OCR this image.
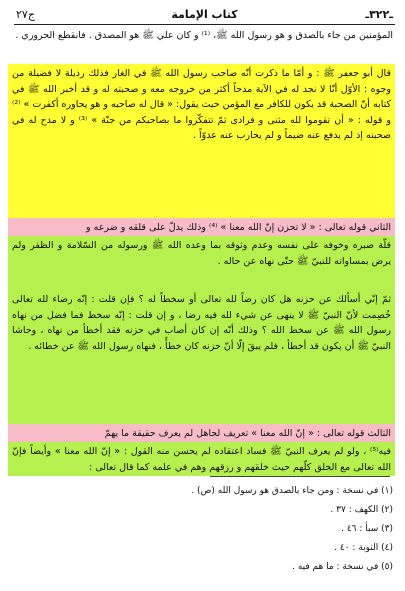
ـ٣٢٢ـ
كتاب الإمامة
ج٢٧
المؤمنين من جاء بالصدق و هو رسول الله ﷺ، ⁽¹⁾ و كان علي ﷺ هو المصدق . فانقطع الحروري .
قال أبو جعفر ﷺ : و أمّا ما ذكرت أنّه صاحب رسول الله ﷺ في الغار فذلك رذيلة لا فضيلة من وجوه : الأوّل أنّا لا نجد له في الآية مدحاً أكثر من خروجه معه و صحبته له و قد أخبر الله ﷺ في كتابه أنّ الصحبة قد يكون للكافر مع المؤمن حيث يقول: « قال له صاحبه و هو يحاوره أكفرت » ⁽²⁾ و قوله : « أن تقوموا لله مثنى و فرادى ثمّ تتفكّروا ما بصاحبكم من جنّة » ⁽³⁾ و لا مدح له في صحبته إذ لم يدفع عنه ضيماً و لم يحارب عنه عدوّاً .
الثاني قوله تعالى : « لا تحزن إنّ الله معنا » ⁽⁴⁾ وذلك يدلّ على قلقه و ضرعه و
قلّة صبره وخوفه على نفسه وعدم وثوقه بما وعده الله ﷺ ورسوله من السّلامة و الظفر ولم يرض بمساواته للنبيّ ﷺ حتّى نهاه عن حاله .
ثمّ إنّي أسألك عن حزنه هل كان رضاً لله تعالى أو سخطاً له ؟ فإن قلت : إنّه رضاء لله تعالى خُصِمت لأنّ النبيّ ﷺ لا ينهى عن شيء لله فيه رضا ، و إن قلت : إنّه سخط فما فضل من نهاه رسول الله ﷺ عن سخط الله ؟ وذلك أنّه إن كان أصاب في حزنه فقد أخطأ من نهاه ، وحاشا النبيّ ﷺ أن يكون قد أخطأ ، فلم يبقَ إلّا أنّ حزنه كان خطأً ، فنهاه رسول الله ﷺ عن خطائه .
الثالث قوله تعالى : « إنّ الله معنا » تعريف لجاهل لم يعرف حقيقة ما يهمّ
فيه⁽⁵⁾ ، ولو لم يعرف النبيّ ﷺ فساد اعتقاده لم يحسن منه القول : « إنّ الله معنا » وأيضاً فإنّ الله تعالى مع الخلق كلّهم حيث خلقهم و رزقهم وهم في علمه كما قال تعالى :
(١) في نسخة : ومن جاء بالصدق هو رسول الله (ص) .
(٢) الكهف : ٣٧ .
(٣) سبأ : ٤٦ .
(٤) التوبة : ٤٠ .
(٥) في نسخة : ما هم فيه .
